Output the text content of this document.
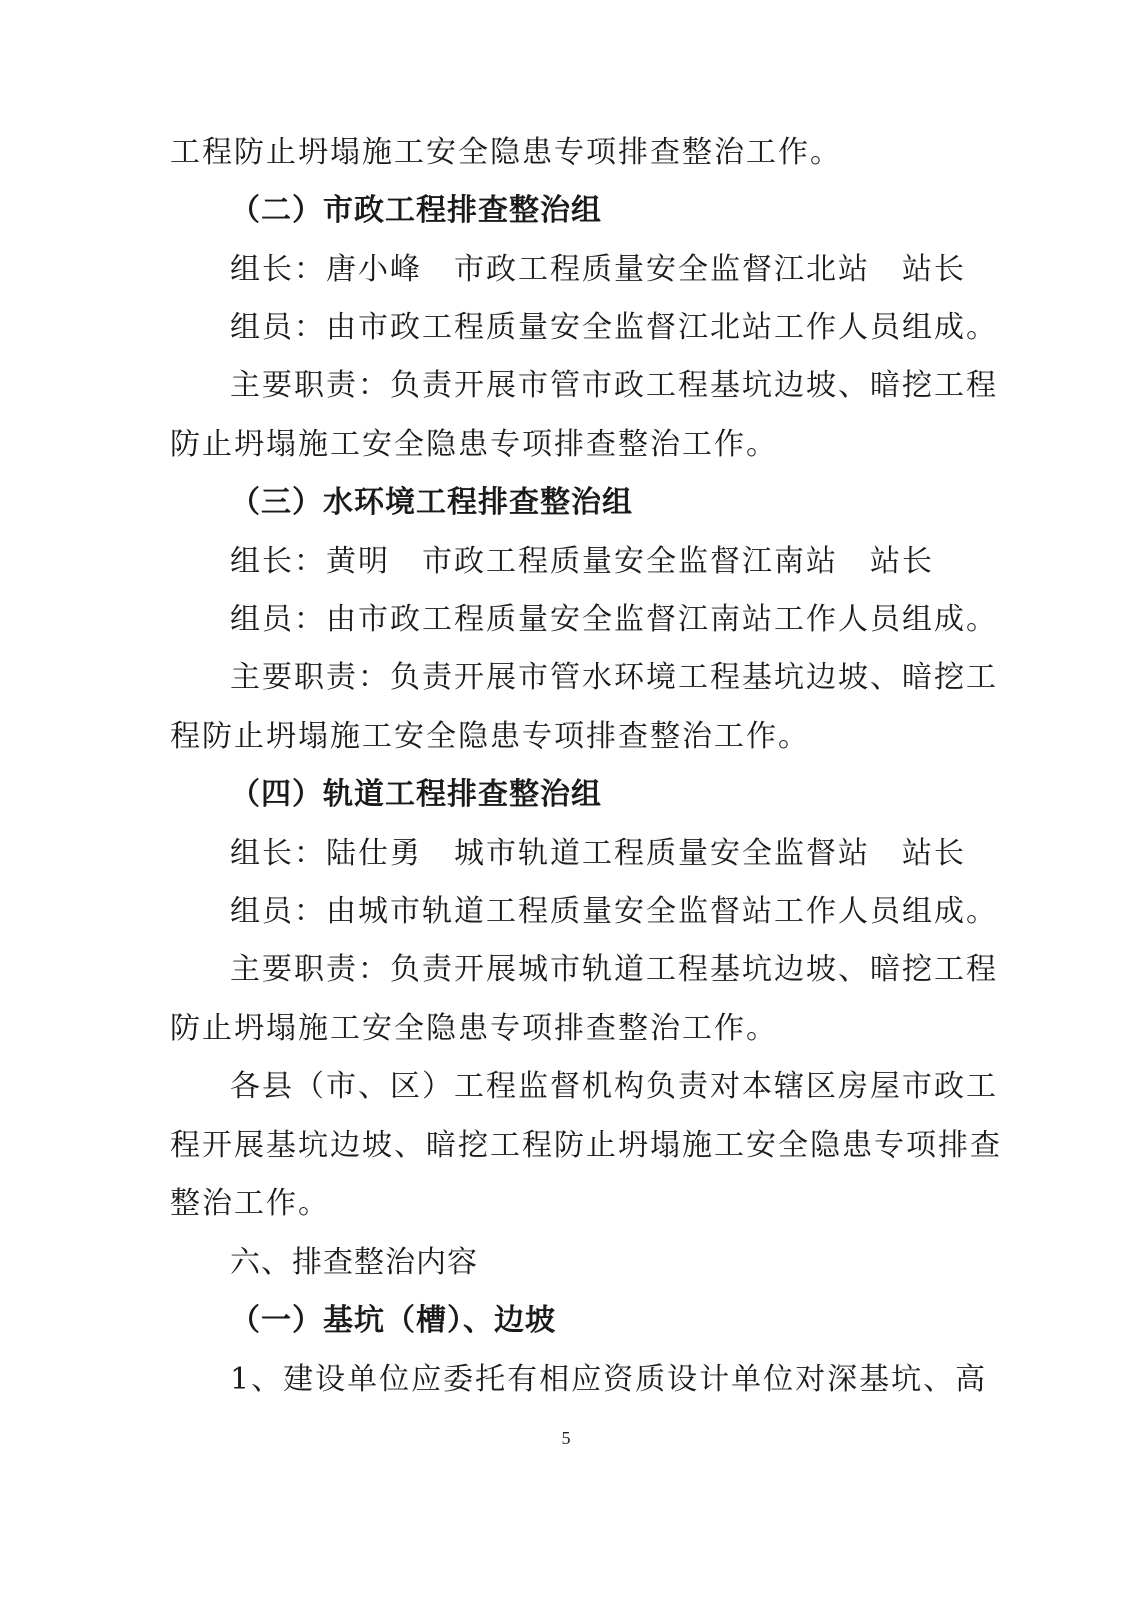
工程防止坍塌施工安全隐患专项排查整治工作。
（二）市政工程排查整治组
组长：唐小峰　市政工程质量安全监督江北站　站长
组员：由市政工程质量安全监督江北站工作人员组成。
主要职责：负责开展市管市政工程基坑边坡、暗挖工程
防止坍塌施工安全隐患专项排查整治工作。
（三）水环境工程排查整治组
组长：黄明　市政工程质量安全监督江南站　站长
组员：由市政工程质量安全监督江南站工作人员组成。
主要职责：负责开展市管水环境工程基坑边坡、暗挖工
程防止坍塌施工安全隐患专项排查整治工作。
（四）轨道工程排查整治组
组长：陆仕勇　城市轨道工程质量安全监督站　站长
组员：由城市轨道工程质量安全监督站工作人员组成。
主要职责：负责开展城市轨道工程基坑边坡、暗挖工程
防止坍塌施工安全隐患专项排查整治工作。
各县（市、区）工程监督机构负责对本辖区房屋市政工
程开展基坑边坡、暗挖工程防止坍塌施工安全隐患专项排查
整治工作。
六、排查整治内容
（一）基坑（槽）、边坡
1、建设单位应委托有相应资质设计单位对深基坑、高
5
